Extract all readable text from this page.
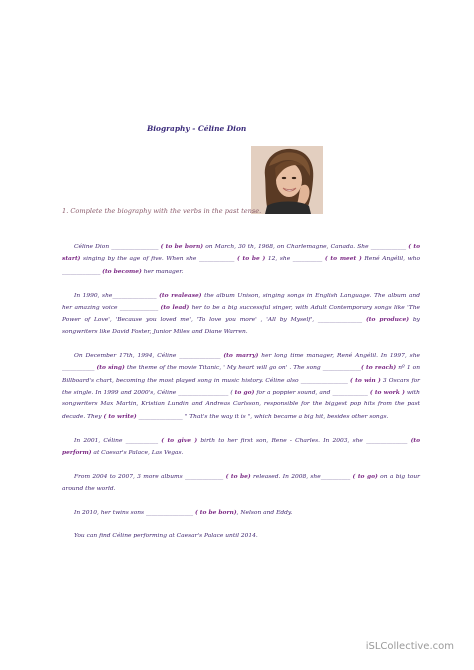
Biography - Céline Dion
1. Complete the biography with the verbs in the past tense.

Céline Dion ________________ ( to be born) on March, 30 th, 1968, on Charlemagne, Canada. She ____________ ( to start) singing by the age of five. When she ____________ ( to be ) 12, she __________ ( to meet ) René Angélil, who _____________ (to become) her manager.

In 1990, she_______________ (to realease) the album Unison, singing songs in English Language. The album and her amazing voice _____________ (to lead) her to be a big successful singer, with Adult Contemporary songs like 'The Power of Love', 'Because you loved me', 'To love you more' , 'All by Myself', _______________ (to produce) by songwriters like David Foster, Junior Miles and Diane Warren.

On December 17th, 1994, Céline ______________ (to marry) her long time manager, René Angélil. In 1997, she ___________ (to sing) the theme of the movie Titanic, ' My heart will go on' . The song _____________( to reach) nº 1 on Billboard's chart, becoming the most played song in music history. Céline also ________________ ( to win ) 3 Oscars for the single. In 1999 and 2000's, Céline _________________ ( to go) for a poppier sound, and ____________ ( to work ) with songwriters Max Martin, Kristian Lundin and Andreas Carlsson, responsible for the biggest pop hits from the past decade. They ( to write) _______________ " That's the way it is ", which became a big hit, besides other songs.

In 2001, Céline ___________ ( to give ) birth to her first son, Rene - Charles. In 2003, she ______________ (to perform) at Caesar's Palace, Las Vegas.

From 2004 to 2007, 3 more albums _____________ ( to be) released. In 2008, she__________ ( to go) on a big tour around the world.

In 2010, her twins sons ________________ ( to be born), Nelson and Eddy.

You can find Céline performing at Caesar's Palace until 2014.

iSLCollective.com
